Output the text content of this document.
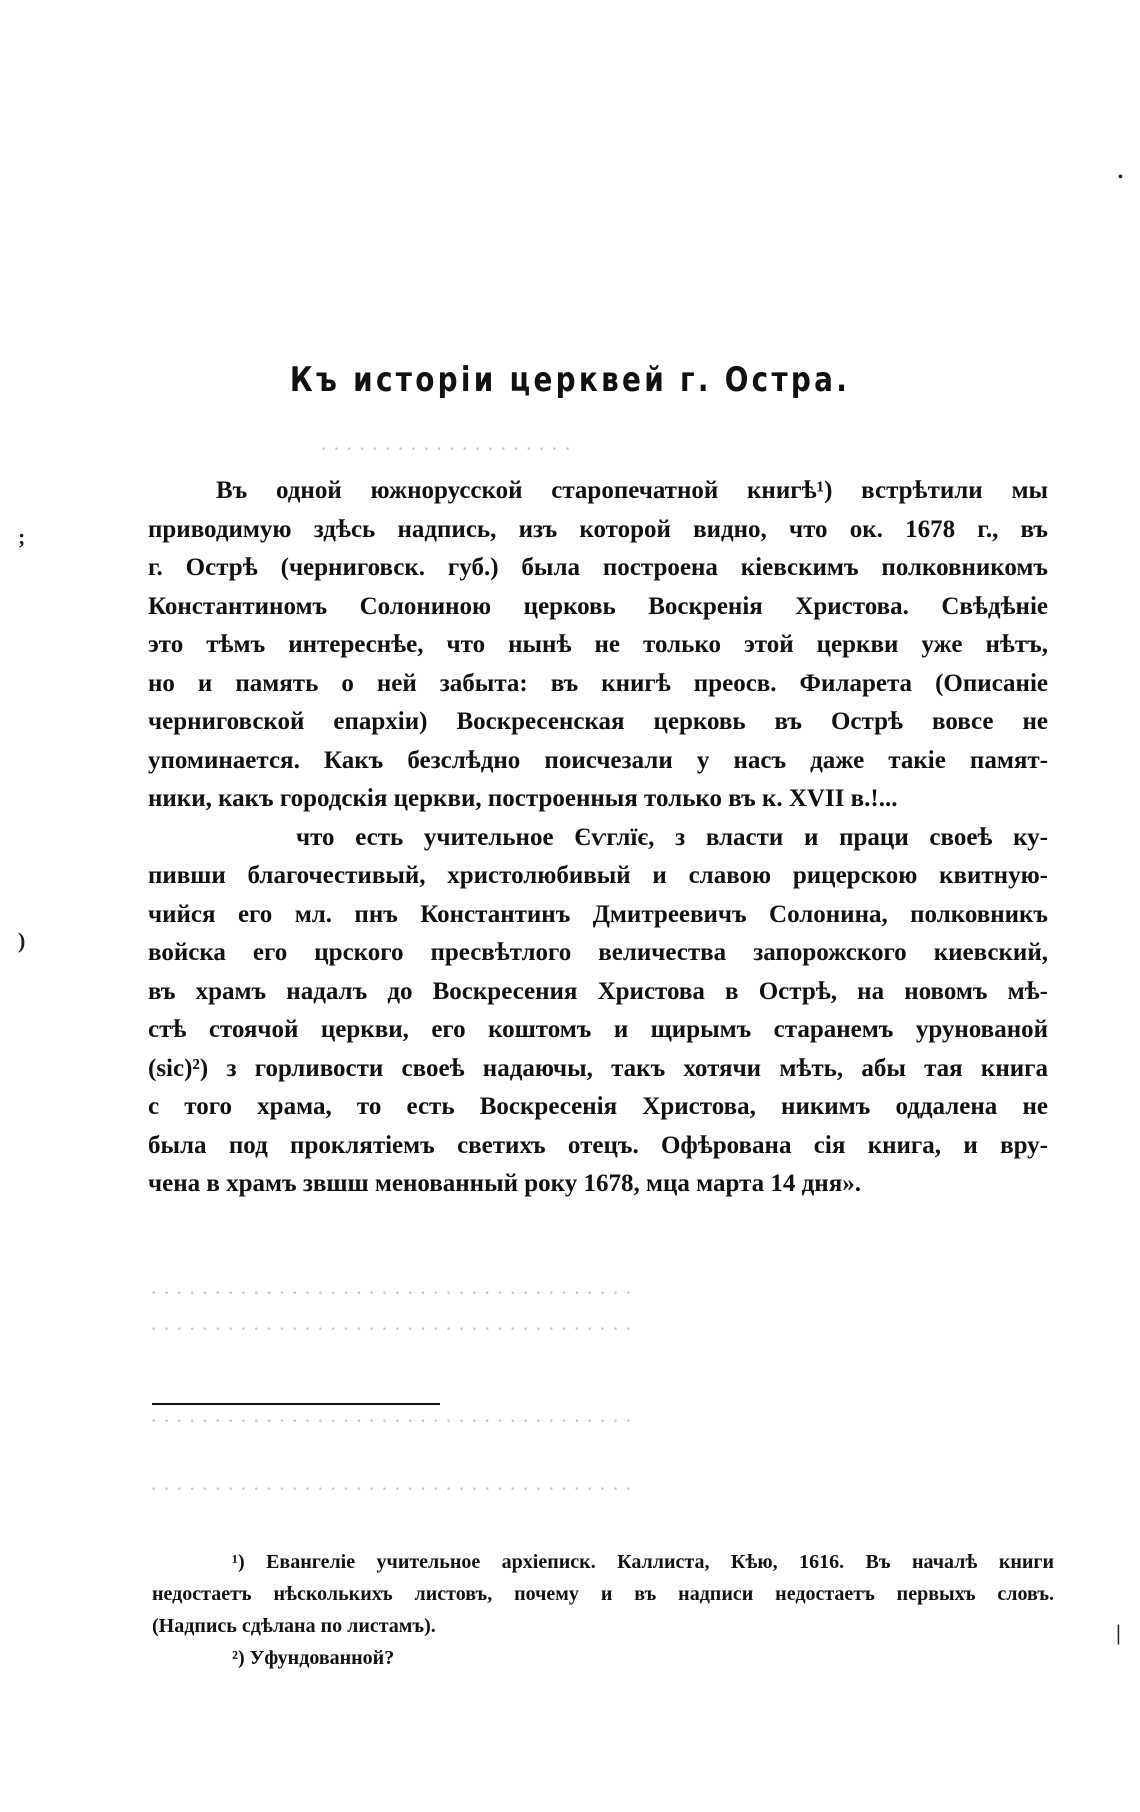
;
)
•
|
· · · · · · · · · · · · · · · · · · · ·
· · · · · · · · · · · · · · · · · · · · · · · · · · · · · · · · · · · · · ·
· · · · · · · · · · · · · · · · · · · · · · · · · · · · · · · · · · · · · ·
· · · · · · · · · · · · · · · · · · · · · · · · · · · · · · · · · · · · · ·
· · · · · · · · · · · · · · · · · · · · · · · · · · · · · · · · · · · · · ·
Къ исторіи церквей г. Остра.
Въ одной южнорусской старопечатной книгѣ¹) встрѣтили мы
приводимую здѣсь надпись, изъ которой видно, что ок. 1678 г., въ
г. Острѣ (черниговск. губ.) была построена кіевскимъ полковникомъ
Константиномъ Солониною церковь Воскренія Христова. Свѣдѣніе
это тѣмъ интереснѣе, что нынѣ не только этой церкви уже нѣтъ,
но и память о ней забыта: въ книгѣ преосв. Филарета (Описаніе
черниговской епархіи) Воскресенская церковь въ Острѣ вовсе не
упоминается. Какъ безслѣдно поисчезали у насъ даже такіе памят-
ники, какъ городскія церкви, построенныя только въ к. XVII в.!...
что есть учительное Єѵглїє, з власти и праци своеѣ ку-
пивши благочестивый, христолюбивый и славою рицерскою квитную-
чийся его мл. пнъ Константинъ Дмитреевичъ Солонина, полковникъ
войска его црского пресвѣтлого величества запорожского киевский,
въ храмъ надалъ до Воскресения Христова в Острѣ, на новомъ мѣ-
стѣ стоячой церкви, его коштомъ и щирымъ старанемъ урунованой
(sic)²) з горливости своеѣ надаючы, такъ хотячи мѣть, абы тая книга
с того храма, то есть Воскресенія Христова, никимъ оддалена не
была под проклятіемъ светихъ отецъ. Офѣрована сія книга, и вру-
чена в храмъ звшш менованный року 1678, мца марта 14 дня».
¹) Евангеліе учительное архіеписк. Каллиста, Кѣю, 1616. Въ началѣ книги
недостаетъ нѣсколькихъ листовъ, почему и въ надписи недостаетъ первыхъ словъ.
(Надпись сдѣлана по листамъ).
²) Уфундованной?
